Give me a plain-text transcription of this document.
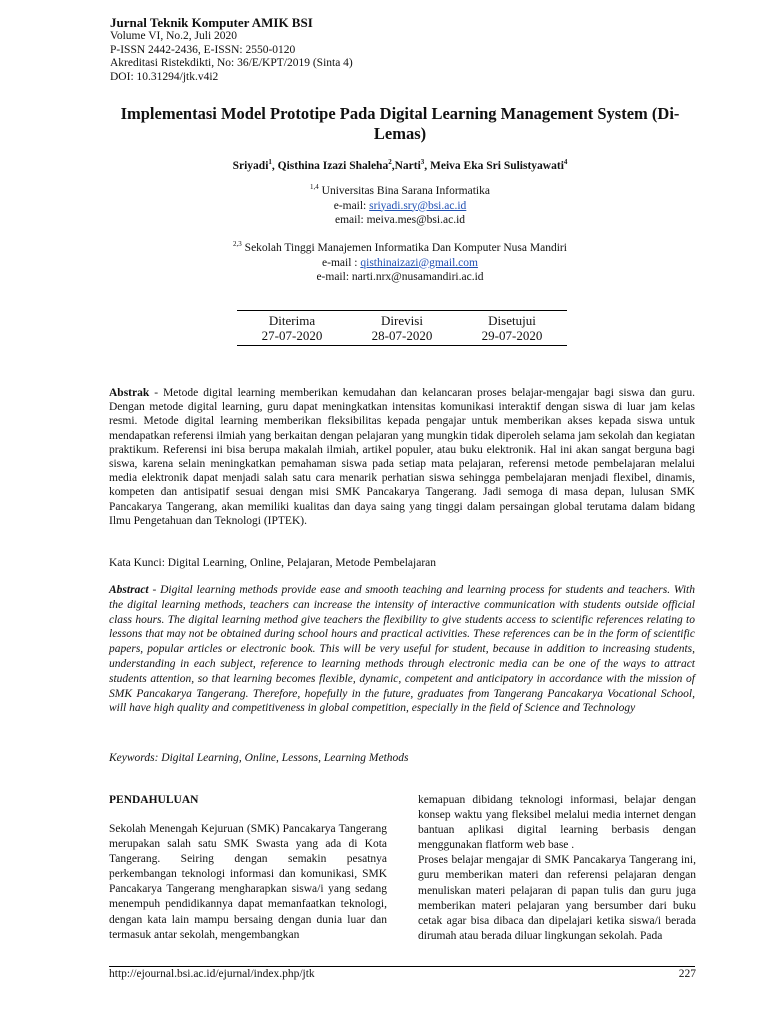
Jurnal Teknik Komputer AMIK BSI
Volume VI, No.2, Juli 2020
P-ISSN 2442-2436, E-ISSN: 2550-0120
Akreditasi Ristekdikti, No: 36/E/KPT/2019 (Sinta 4)
DOI: 10.31294/jtk.v4i2
Implementasi Model Prototipe Pada Digital Learning Management System (Di-Lemas)
Sriyadi$^1$, Qisthina Izazi Shaleha$^2$,Narti$^3$, Meiva Eka Sri Sulistyawati$^4$
$^{1,4}$ Universitas Bina Sarana Informatika
e-mail: sriyadi.sry@bsi.ac.id
email: meiva.mes@bsi.ac.id
$^{2,3}$ Sekolah Tinggi Manajemen Informatika Dan Komputer Nusa Mandiri
e-mail : qisthinaizazi@gmail.com
e-mail: narti.nrx@nusamandiri.ac.id
Diterima
27-07-2020
Direvisi
28-07-2020
Disetujui
29-07-2020
Abstrak - Metode digital learning memberikan kemudahan dan kelancaran proses belajar-mengajar bagi siswa dan guru. Dengan metode digital learning, guru dapat meningkatkan intensitas komunikasi interaktif dengan siswa di luar jam kelas resmi. Metode digital learning memberikan fleksibilitas kepada pengajar untuk memberikan akses kepada siswa untuk mendapatkan referensi ilmiah yang berkaitan dengan pelajaran yang mungkin tidak diperoleh selama jam sekolah dan kegiatan praktikum. Referensi ini bisa berupa makalah ilmiah, artikel populer, atau buku elektronik. Hal ini akan sangat berguna bagi siswa, karena selain meningkatkan pemahaman siswa pada setiap mata pelajaran, referensi metode pembelajaran melalui media elektronik dapat menjadi salah satu cara menarik perhatian siswa sehingga pembelajaran menjadi flexibel, dinamis, kompeten dan antisipatif sesuai dengan misi SMK Pancakarya Tangerang. Jadi semoga di masa depan, lulusan SMK Pancakarya Tangerang, akan memiliki kualitas dan daya saing yang tinggi dalam persaingan global terutama dalam bidang Ilmu Pengetahuan dan Teknologi (IPTEK).
Kata Kunci: Digital Learning, Online, Pelajaran, Metode Pembelajaran
Abstract - Digital learning methods provide ease and smooth teaching and learning process for students and teachers. With the digital learning methods, teachers can increase the intensity of interactive communication with students outside official class hours. The digital learning method give teachers the flexibility to give students access to scientific references relating to lessons that may not be obtained during school hours and practical activities. These references can be in the form of scientific papers, popular articles or electronic book. This will be very useful for student, because in addition to increasing students, understanding in each subject, reference to learning methods through electronic media can be one of the ways to attract students attention, so that learning becomes flexible, dynamic, competent and anticipatory in accordance with the mission of SMK Pancakarya Tangerang. Therefore, hopefully in the future, graduates from Tangerang Pancakarya Vocational School, will have high quality and competitiveness in global competition, especially in the field of Science and Technology
Keywords: Digital Learning, Online, Lessons, Learning Methods
PENDAHULUAN
Sekolah Menengah Kejuruan (SMK) Pancakarya Tangerang merupakan salah satu SMK Swasta yang ada di Kota Tangerang. Seiring dengan semakin pesatnya perkembangan teknologi informasi dan komunikasi, SMK Pancakarya Tangerang mengharapkan siswa/i yang sedang menempuh pendidikannya dapat memanfaatkan teknologi, dengan kata lain mampu bersaing dengan dunia luar dan termasuk antar sekolah, mengembangkan
kemapuan dibidang teknologi informasi, belajar dengan konsep waktu yang fleksibel melalui media internet dengan bantuan aplikasi digital learning berbasis dengan menggunakan flatform web base .
Proses belajar mengajar di SMK Pancakarya Tangerang ini, guru memberikan materi dan referensi pelajaran dengan menuliskan materi pelajaran di papan tulis dan guru juga memberikan materi pelajaran yang bersumber dari buku cetak agar bisa dibaca dan dipelajari ketika siswa/i berada dirumah atau berada diluar lingkungan sekolah. Pada
http://ejournal.bsi.ac.id/ejurnal/index.php/jtk	227
